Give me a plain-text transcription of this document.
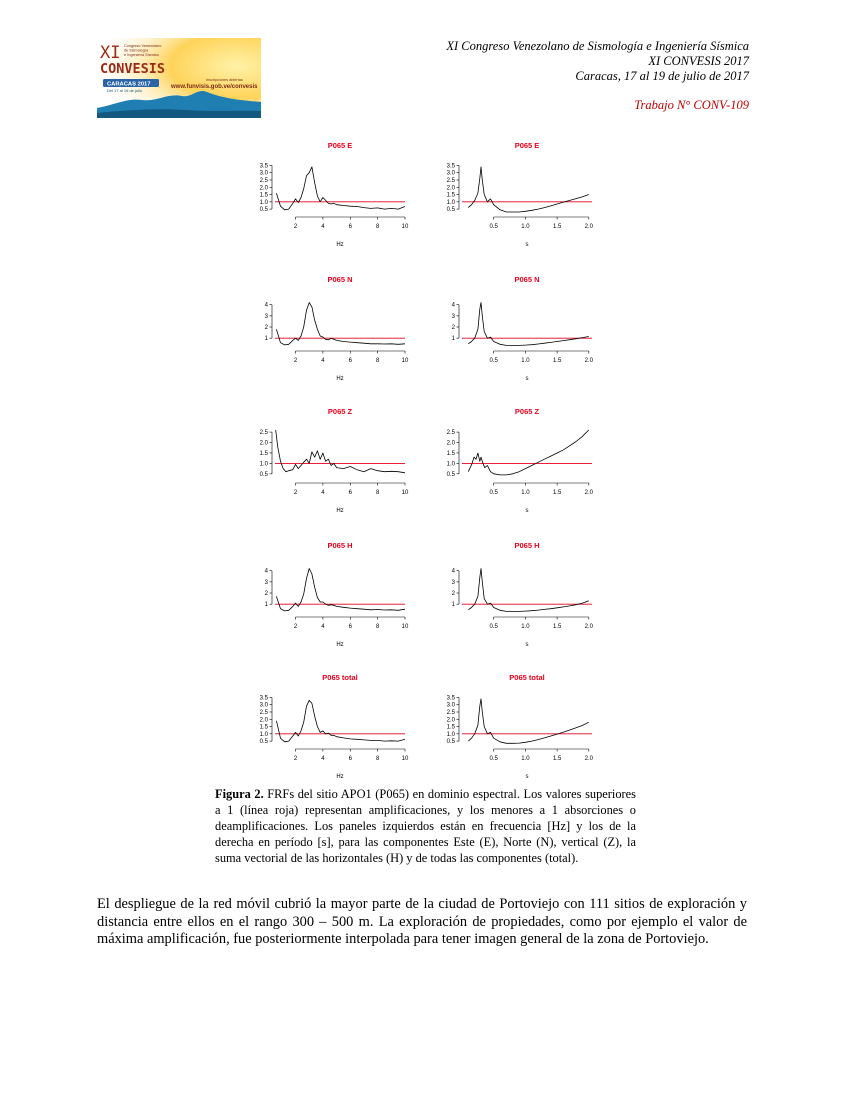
XI
CONVESIS
Congreso Venezolano
de Sismología
e Ingeniería Sísmica
CARACAS 2017
Del 17 al 19 de julio
Inscripciones abiertas
www.funvisis.gob.ve/convesis
XI Congreso Venezolano de Sismología e Ingeniería Sísmica
XI CONVESIS 2017
Caracas, 17 al 19 de julio de 2017
Trabajo N° CONV-109
P065 E
0.5
1.0
1.5
2.0
2.5
3.0
3.5
2	4	6	8	10
Hz
P065 E
0.5
1.0
1.5
2.0
2.5
3.0
3.5
0.5	1.0	1.5	2.0
s
P065 N
1
2
3
4
2	4	6	8	10
Hz
P065 N
1
2
3
4
0.5	1.0	1.5	2.0
s
P065 Z
0.5
1.0
1.5
2.0
2.5
2	4	6	8	10
Hz
P065 Z
0.5
1.0
1.5
2.0
2.5
0.5	1.0	1.5	2.0
s
P065 H
1
2
3
4
2	4	6	8	10
Hz
P065 H
1
2
3
4
0.5	1.0	1.5	2.0
s
P065 total
0.5
1.0
1.5
2.0
2.5
3.0
3.5
2	4	6	8	10
Hz
P065 total
0.5
1.0
1.5
2.0
2.5
3.0
3.5
0.5	1.0	1.5	2.0
s
Figura 2. FRFs del sitio APO1 (P065) en dominio espectral. Los valores superiores a 1 (línea roja) representan amplificaciones, y los menores a 1 absorciones o deamplificaciones. Los paneles izquierdos están en frecuencia [Hz] y los de la derecha en período [s], para las componentes Este (E), Norte (N), vertical (Z), la suma vectorial de las horizontales (H) y de todas las componentes (total).
El despliegue de la red móvil cubrió la mayor parte de la ciudad de Portoviejo con 111 sitios de exploración y distancia entre ellos en el rango 300 – 500 m. La exploración de propiedades, como por ejemplo el valor de máxima amplificación, fue posteriormente interpolada para tener imagen general de la zona de Portoviejo.
